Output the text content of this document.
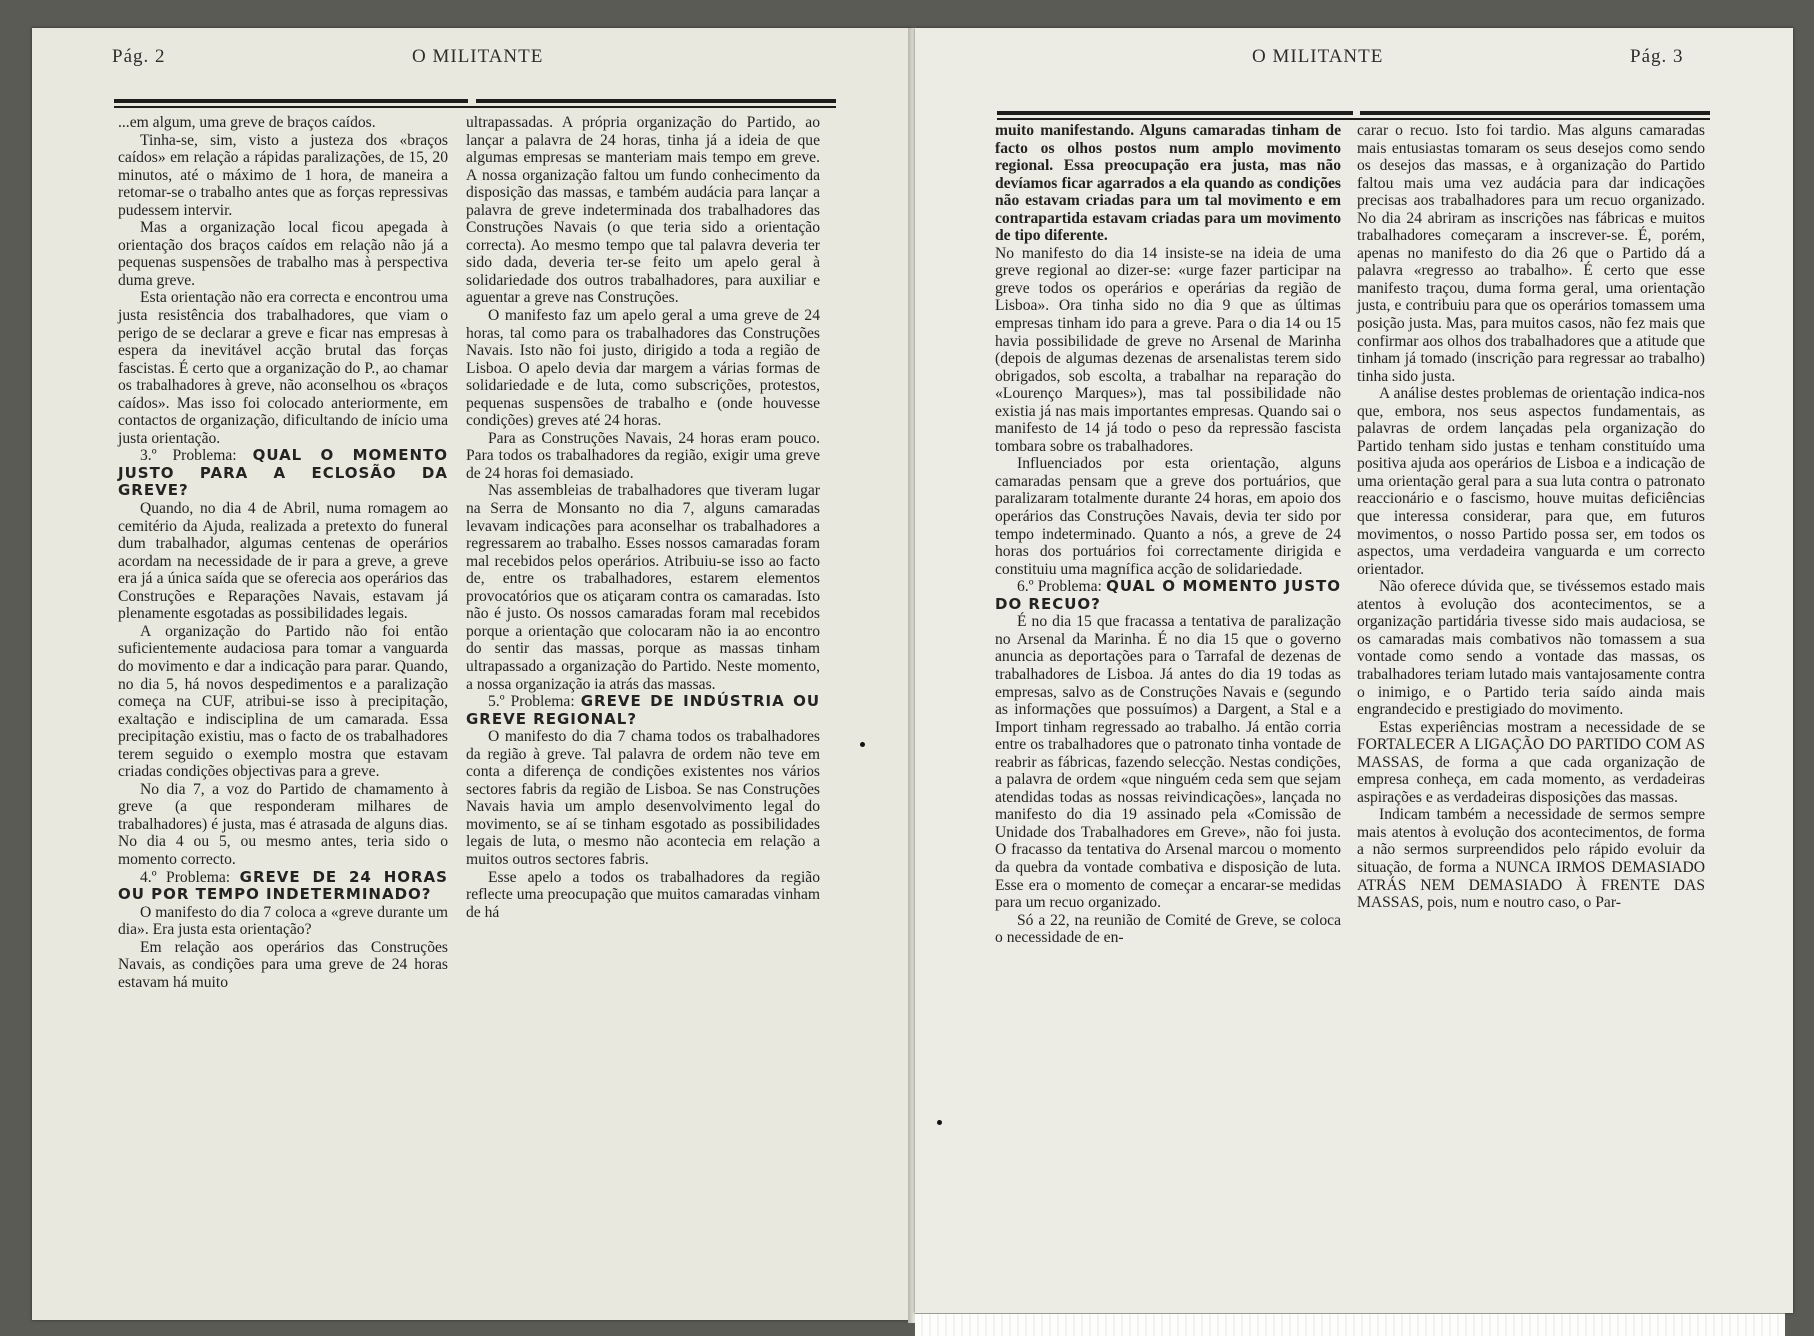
Pág. 2	O MILITANTE	O MILITANTE	Pág. 3

...em algum, uma greve de braços caídos.

Tinha-se, sim, visto a justeza dos «braços caídos» em relação a rápidas paralizações, de 15, 20 minutos, até o máximo de 1 hora, de maneira a retomar-se o trabalho antes que as forças repressivas pudessem intervir.

Mas a organização local ficou apegada à orientação dos braços caídos em relação não já a pequenas suspensões de trabalho mas à perspectiva duma greve.

Esta orientação não era correcta e encontrou uma justa resistência dos trabalhadores, que viam o perigo de se declarar a greve e ficar nas empresas à espera da inevitável acção brutal das forças fascistas. É certo que a organização do P., ao chamar os trabalhadores à greve, não aconselhou os «braços caídos». Mas isso foi colocado anteriormente, em contactos de organização, dificultando de início uma justa orientação.

3.º Problema: QUAL O MOMENTO JUSTO PARA A ECLOSÃO DA GREVE?

Quando, no dia 4 de Abril, numa romagem ao cemitério da Ajuda, realizada a pretexto do funeral dum trabalhador, algumas centenas de operários acordam na necessidade de ir para a greve, a greve era já a única saída que se oferecia aos operários das Construções e Reparações Navais, estavam já plenamente esgotadas as possibilidades legais.

A organização do Partido não foi então suficientemente audaciosa para tomar a vanguarda do movimento e dar a indicação para parar. Quando, no dia 5, há novos despedimentos e a paralização começa na CUF, atribui-se isso à precipitação, exaltação e indisciplina de um camarada. Essa precipitação existiu, mas o facto de os trabalhadores terem seguido o exemplo mostra que estavam criadas condições objectivas para a greve.

No dia 7, a voz do Partido de chamamento à greve (a que responderam milhares de trabalhadores) é justa, mas é atrasada de alguns dias. No dia 4 ou 5, ou mesmo antes, teria sido o momento correcto.

4.º Problema: GREVE DE 24 HORAS OU POR TEMPO INDETERMINADO?

O manifesto do dia 7 coloca a «greve durante um dia». Era justa esta orientação?

Em relação aos operários das Construções Navais, as condições para uma greve de 24 horas estavam há muito

ultrapassadas. A própria organização do Partido, ao lançar a palavra de 24 horas, tinha já a ideia de que algumas empresas se manteriam mais tempo em greve. A nossa organização faltou um fundo conhecimento da disposição das massas, e também audácia para lançar a palavra de greve indeterminada dos trabalhadores das Construções Navais (o que teria sido a orientação correcta). Ao mesmo tempo que tal palavra deveria ter sido dada, deveria ter-se feito um apelo geral à solidariedade dos outros trabalhadores, para auxiliar e aguentar a greve nas Construções.

O manifesto faz um apelo geral a uma greve de 24 horas, tal como para os trabalhadores das Construções Navais. Isto não foi justo, dirigido a toda a região de Lisboa. O apelo devia dar margem a várias formas de solidariedade e de luta, como subscrições, protestos, pequenas suspensões de trabalho e (onde houvesse condições) greves até 24 horas.

Para as Construções Navais, 24 horas eram pouco. Para todos os trabalhadores da região, exigir uma greve de 24 horas foi demasiado.

Nas assembleias de trabalhadores que tiveram lugar na Serra de Monsanto no dia 7, alguns camaradas levavam indicações para aconselhar os trabalhadores a regressarem ao trabalho. Esses nossos camaradas foram mal recebidos pelos operários. Atribuiu-se isso ao facto de, entre os trabalhadores, estarem elementos provocatórios que os atiçaram contra os camaradas. Isto não é justo. Os nossos camaradas foram mal recebidos porque a orientação que colocaram não ia ao encontro do sentir das massas, porque as massas tinham ultrapassado a organização do Partido. Neste momento, a nossa organização ia atrás das massas.

5.º Problema: GREVE DE INDÚSTRIA OU GREVE REGIONAL?

O manifesto do dia 7 chama todos os trabalhadores da região à greve. Tal palavra de ordem não teve em conta a diferença de condições existentes nos vários sectores fabris da região de Lisboa. Se nas Construções Navais havia um amplo desenvolvimento legal do movimento, se aí se tinham esgotado as possibilidades legais de luta, o mesmo não acontecia em relação a muitos outros sectores fabris.

Esse apelo a todos os trabalhadores da região reflecte uma preocupação que muitos camaradas vinham de há

muito manifestando. Alguns camaradas tinham de facto os olhos postos num amplo movimento regional. Essa preocupação era justa, mas não devíamos ficar agarrados a ela quando as condições não estavam criadas para um tal movimento e em contrapartida estavam criadas para um movimento de tipo diferente.

No manifesto do dia 14 insiste-se na ideia de uma greve regional ao dizer-se: «urge fazer participar na greve todos os operários e operárias da região de Lisboa». Ora tinha sido no dia 9 que as últimas empresas tinham ido para a greve. Para o dia 14 ou 15 havia possibilidade de greve no Arsenal de Marinha (depois de algumas dezenas de arsenalistas terem sido obrigados, sob escolta, a trabalhar na reparação do «Lourenço Marques»), mas tal possibilidade não existia já nas mais importantes empresas. Quando sai o manifesto de 14 já todo o peso da repressão fascista tombara sobre os trabalhadores.

Influenciados por esta orientação, alguns camaradas pensam que a greve dos portuários, que paralizaram totalmente durante 24 horas, em apoio dos operários das Construções Navais, devia ter sido por tempo indeterminado. Quanto a nós, a greve de 24 horas dos portuários foi correctamente dirigida e constituiu uma magnífica acção de solidariedade.

6.º Problema: QUAL O MOMENTO JUSTO DO RECUO?

É no dia 15 que fracassa a tentativa de paralização no Arsenal da Marinha. É no dia 15 que o governo anuncia as deportações para o Tarrafal de dezenas de trabalhadores de Lisboa. Já antes do dia 19 todas as empresas, salvo as de Construções Navais e (segundo as informações que possuímos) a Dargent, a Stal e a Import tinham regressado ao trabalho. Já então corria entre os trabalhadores que o patronato tinha vontade de reabrir as fábricas, fazendo selecção. Nestas condições, a palavra de ordem «que ninguém ceda sem que sejam atendidas todas as nossas reivindicações», lançada no manifesto do dia 19 assinado pela «Comissão de Unidade dos Trabalhadores em Greve», não foi justa. O fracasso da tentativa do Arsenal marcou o momento da quebra da vontade combativa e disposição de luta. Esse era o momento de começar a encarar-se medidas para um recuo organizado.

Só a 22, na reunião de Comité de Greve, se coloca o necessidade de en-

carar o recuo. Isto foi tardio. Mas alguns camaradas mais entusiastas tomaram os seus desejos como sendo os desejos das massas, e à organização do Partido faltou mais uma vez audácia para dar indicações precisas aos trabalhadores para um recuo organizado. No dia 24 abriram as inscrições nas fábricas e muitos trabalhadores começaram a inscrever-se. É, porém, apenas no manifesto do dia 26 que o Partido dá a palavra «regresso ao trabalho». É certo que esse manifesto traçou, duma forma geral, uma orientação justa, e contribuiu para que os operários tomassem uma posição justa. Mas, para muitos casos, não fez mais que confirmar aos olhos dos trabalhadores que a atitude que tinham já tomado (inscrição para regressar ao trabalho) tinha sido justa.

A análise destes problemas de orientação indica-nos que, embora, nos seus aspectos fundamentais, as palavras de ordem lançadas pela organização do Partido tenham sido justas e tenham constituído uma positiva ajuda aos operários de Lisboa e a indicação de uma orientação geral para a sua luta contra o patronato reaccionário e o fascismo, houve muitas deficiências que interessa considerar, para que, em futuros movimentos, o nosso Partido possa ser, em todos os aspectos, uma verdadeira vanguarda e um correcto orientador.

Não oferece dúvida que, se tivéssemos estado mais atentos à evolução dos acontecimentos, se a organização partidária tivesse sido mais audaciosa, se os camaradas mais combativos não tomassem a sua vontade como sendo a vontade das massas, os trabalhadores teriam lutado mais vantajosamente contra o inimigo, e o Partido teria saído ainda mais engrandecido e prestigiado do movimento.

Estas experiências mostram a necessidade de se FORTALECER A LIGAÇÃO DO PARTIDO COM AS MASSAS, de forma a que cada organização de empresa conheça, em cada momento, as verdadeiras aspirações e as verdadeiras disposições das massas.

Indicam também a necessidade de sermos sempre mais atentos à evolução dos acontecimentos, de forma a não sermos surpreendidos pelo rápido evoluir da situação, de forma a NUNCA IRMOS DEMASIADO ATRÁS NEM DEMASIADO À FRENTE DAS MASSAS, pois, num e noutro caso, o Par-
